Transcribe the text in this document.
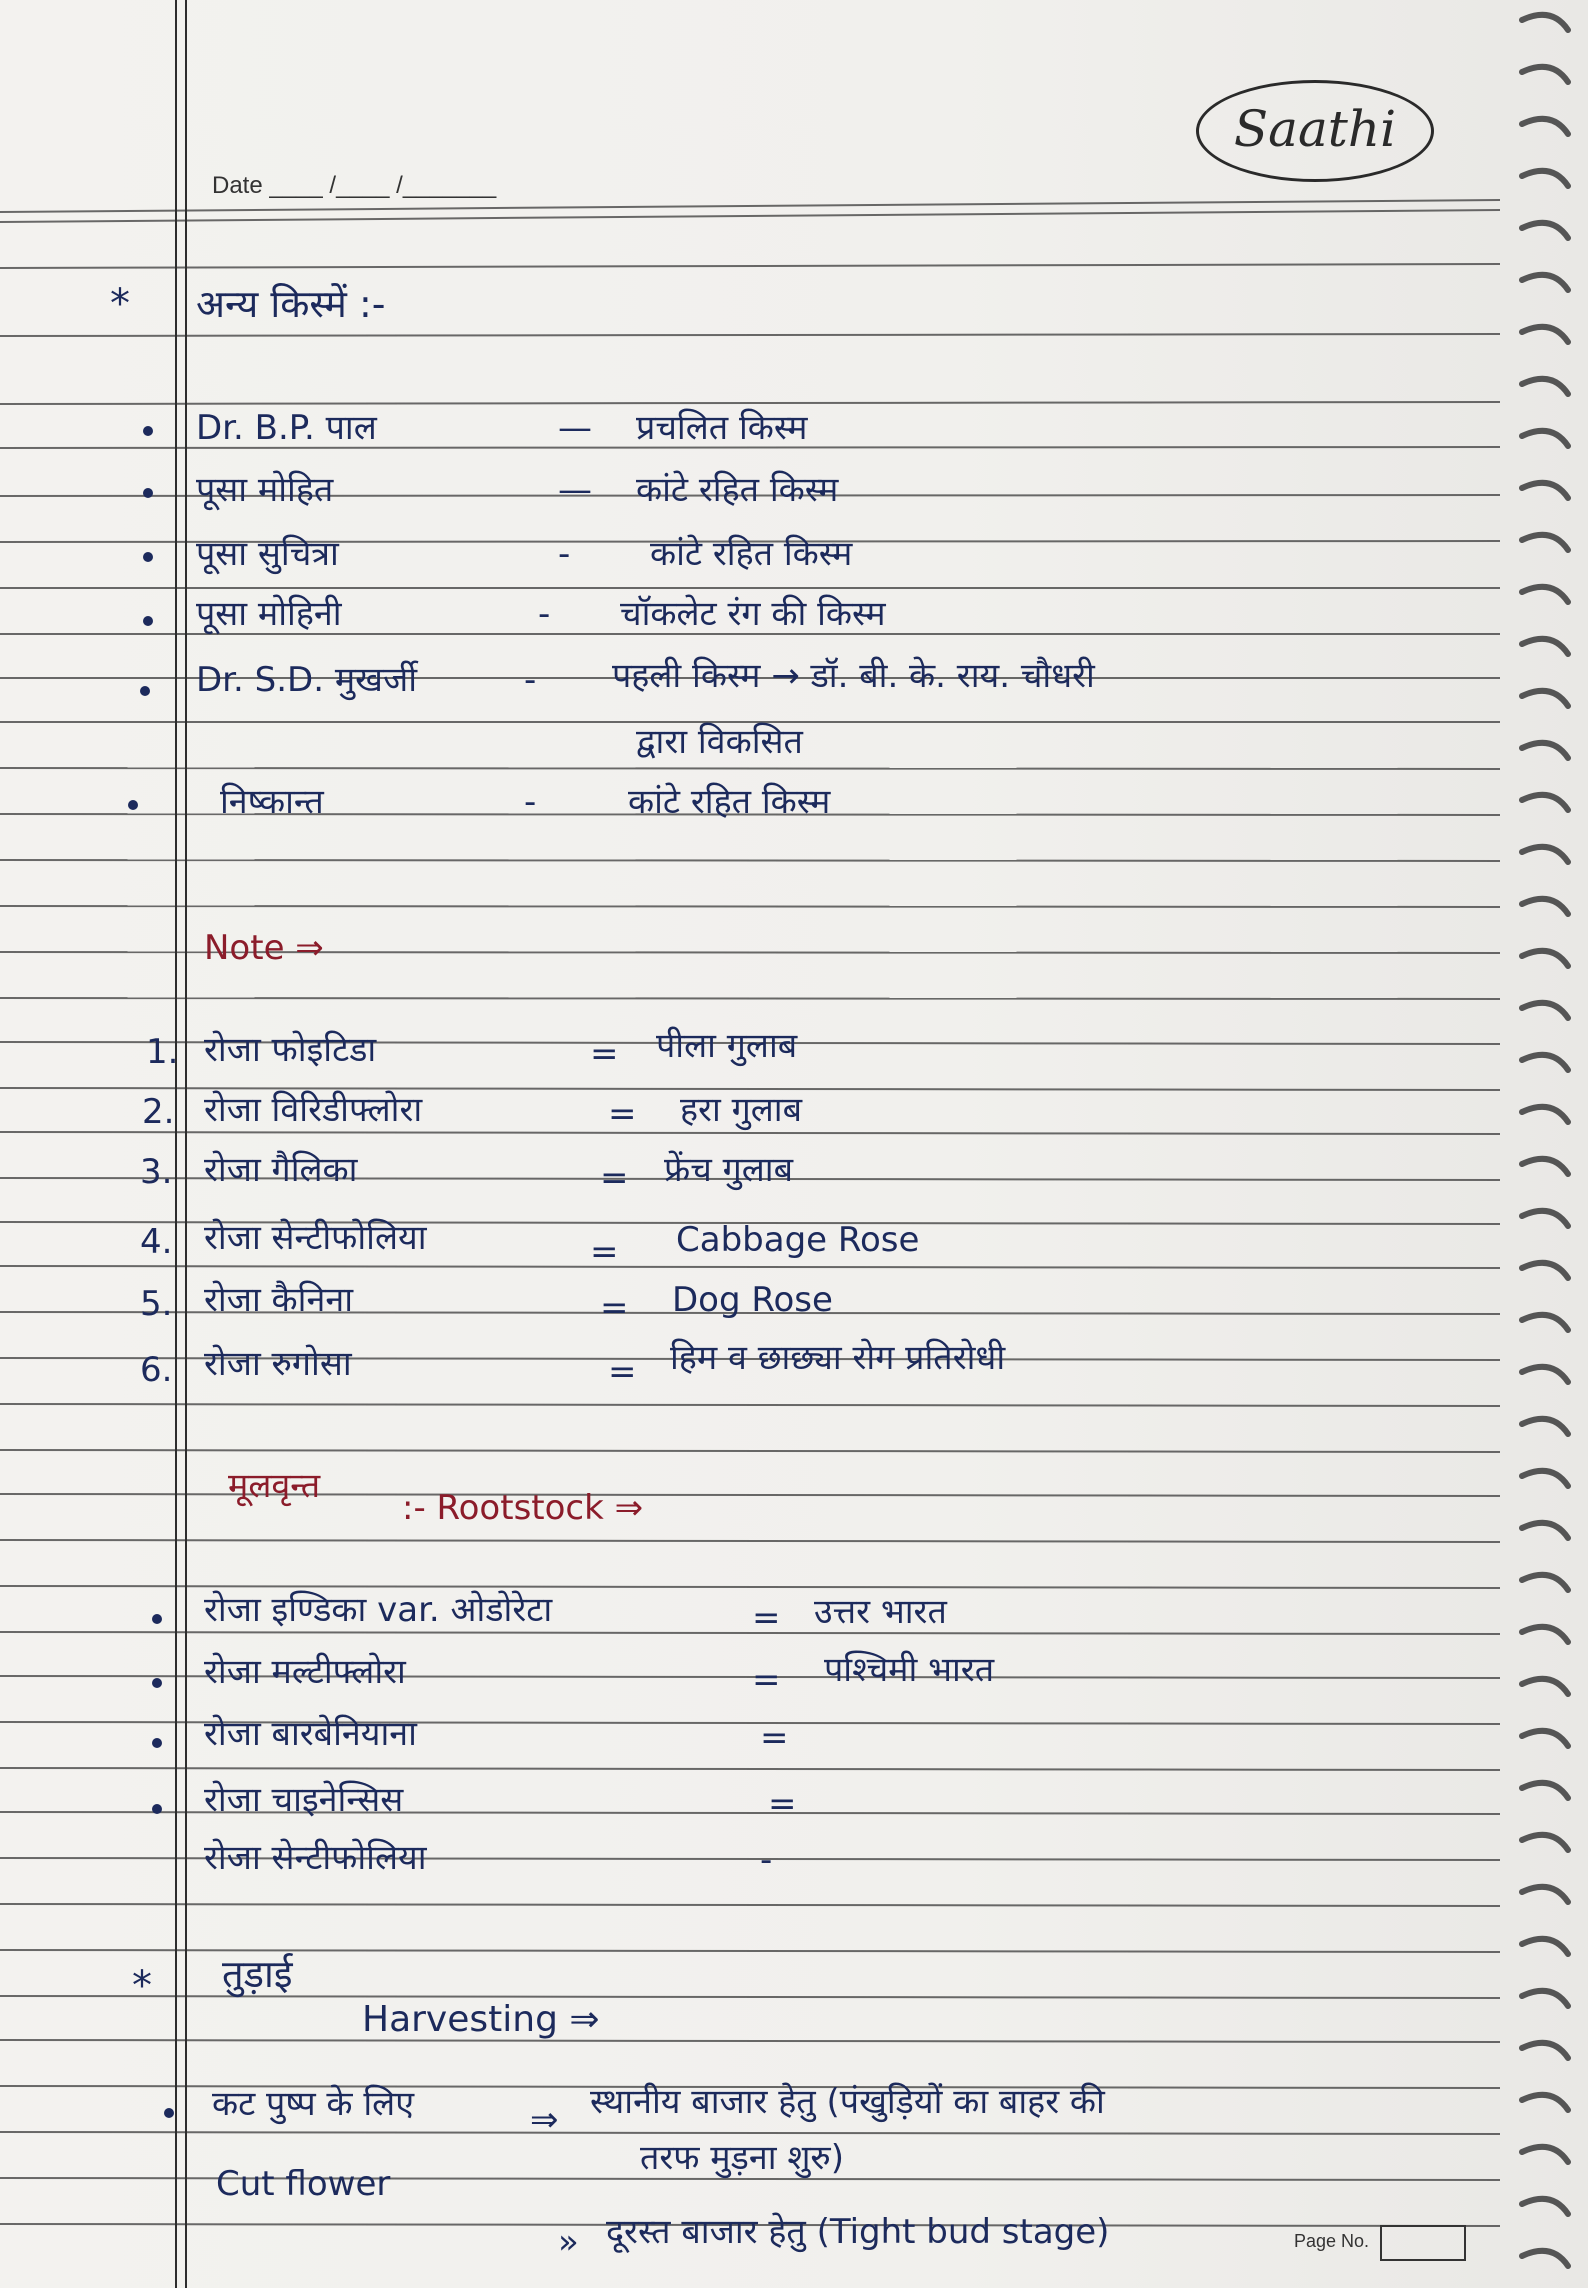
Saathi
Date ____ /____ /_______
* अन्य किस्में :-
Dr. B.P. पाल	— प्रचलित किस्म
पूसा मोहित	— कांटे रहित किस्म
पूसा सुचित्रा	- कांटे रहित किस्म
पूसा मोहिनी	- चॉकलेट रंग की किस्म
Dr. S.D. मुखर्जी	- पहली किस्म → डॉ. बी. के. राय. चौधरी
द्वारा विकसित
निष्कान्त	-	कांटे रहित किस्म
Note ⇒
1. रोजा फोइटिडा	= पीला गुलाब
2. रोजा विरिडीफ्लोरा	= हरा गुलाब
3. रोजा गैलिका	= फ्रेंच गुलाब
4. रोजा सेन्टीफोलिया	= Cabbage Rose
5. रोजा कैनिना	= Dog Rose
6. रोजा रुगोसा	= हिम व छाछ्या रोग प्रतिरोधी
मूलवृन्त
:- Rootstock ⇒
रोजा इण्डिका var. ओडोरेटा	= उत्तर भारत
रोजा मल्टीफ्लोरा	= पश्चिमी भारत
रोजा बारबेनियाना	=
रोजा चाइनेन्सिस	=
रोजा सेन्टीफोलिया	-
* तुड़ाई
Harvesting ⇒
कट पुष्प के लिए
Cut flower
⇒ स्थानीय बाजार हेतु (पंखुड़ियों का बाहर की
तरफ मुड़ना शुरु)
» दूरस्त बाजार हेतु (Tight bud stage)	Page No.
